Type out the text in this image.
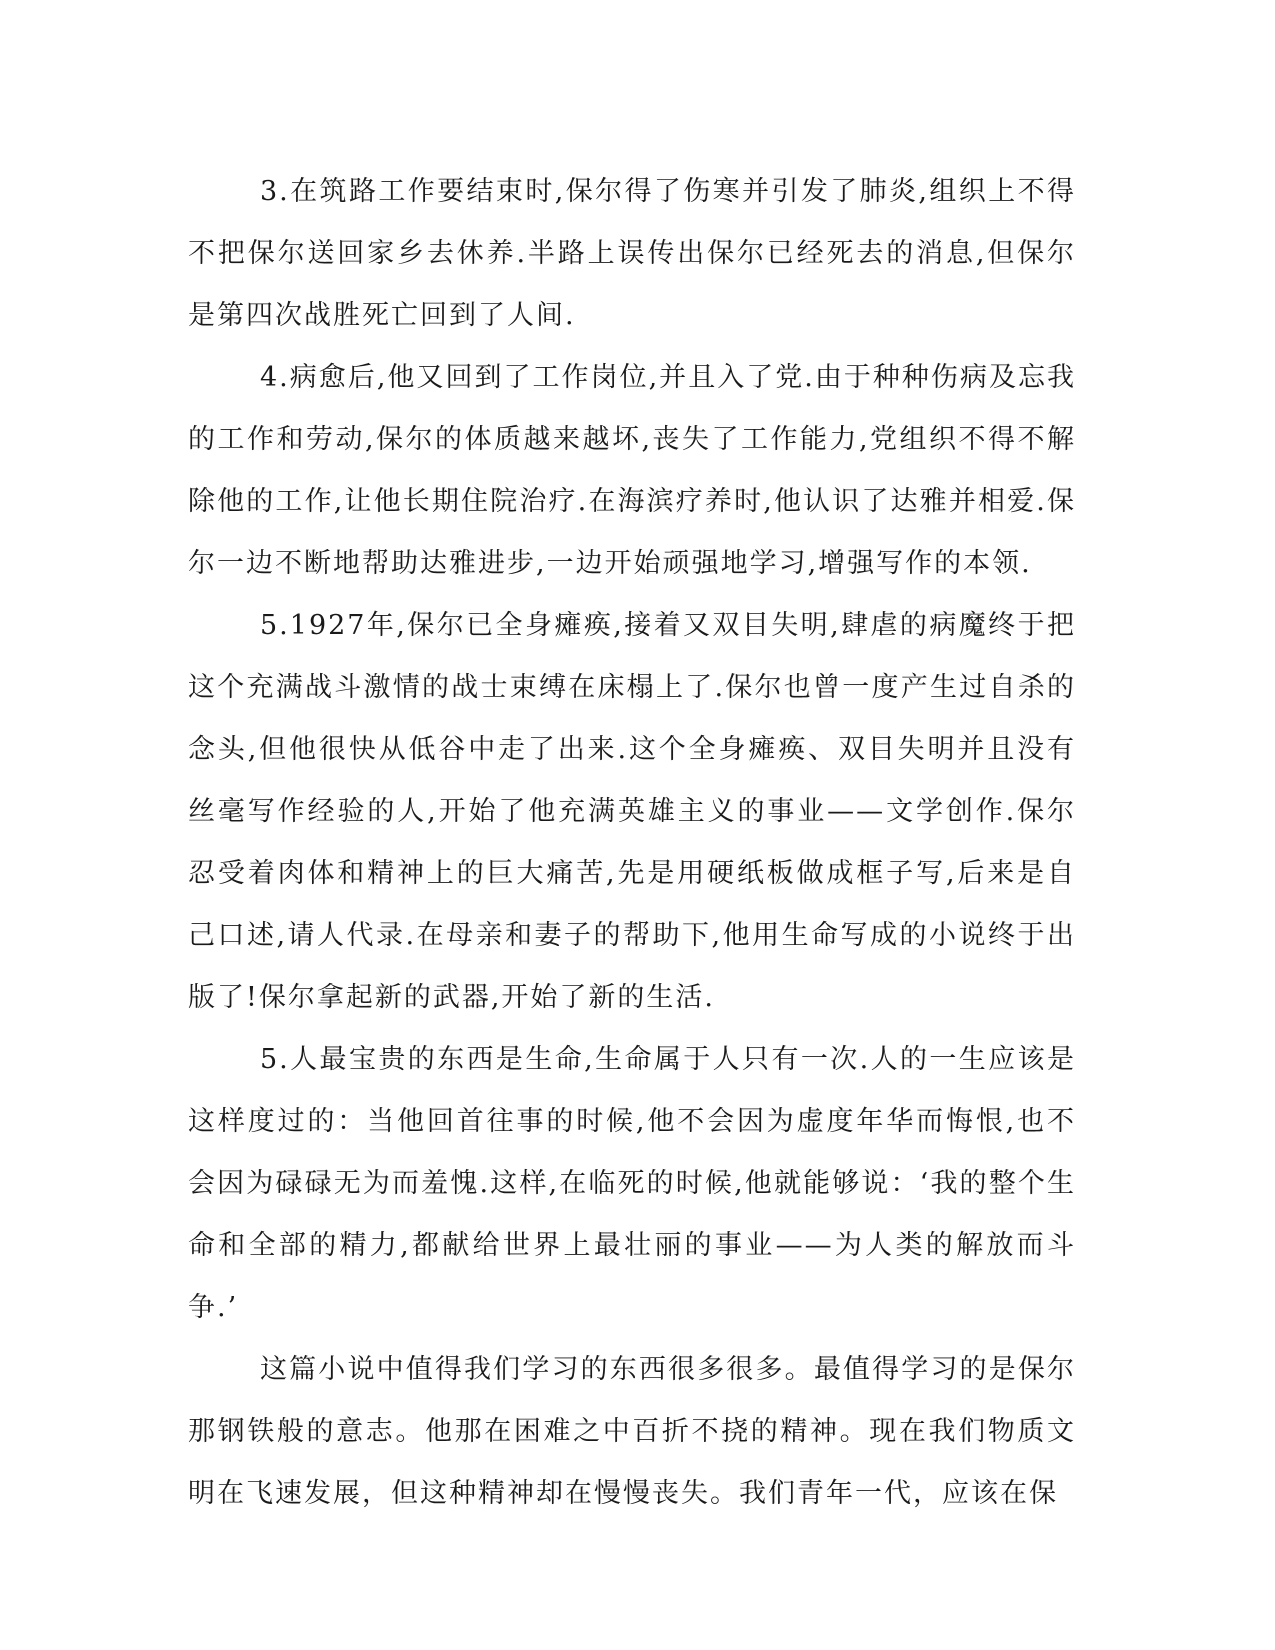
3.在筑路工作要结束时,保尔得了伤寒并引发了肺炎,组织上不得不把保尔送回家乡去休养.半路上误传出保尔已经死去的消息,但保尔是第四次战胜死亡回到了人间.

4.病愈后,他又回到了工作岗位,并且入了党.由于种种伤病及忘我的工作和劳动,保尔的体质越来越坏,丧失了工作能力,党组织不得不解除他的工作,让他长期住院治疗.在海滨疗养时,他认识了达雅并相爱.保尔一边不断地帮助达雅进步,一边开始顽强地学习,增强写作的本领.

5.1927年,保尔已全身瘫痪,接着又双目失明,肆虐的病魔终于把这个充满战斗激情的战士束缚在床榻上了.保尔也曾一度产生过自杀的念头,但他很快从低谷中走了出来.这个全身瘫痪、双目失明并且没有丝毫写作经验的人,开始了他充满英雄主义的事业——文学创作.保尔忍受着肉体和精神上的巨大痛苦,先是用硬纸板做成框子写,后来是自己口述,请人代录.在母亲和妻子的帮助下,他用生命写成的小说终于出版了!保尔拿起新的武器,开始了新的生活.

5.人最宝贵的东西是生命,生命属于人只有一次.人的一生应该是这样度过的：当他回首往事的时候,他不会因为虚度年华而悔恨,也不会因为碌碌无为而羞愧.这样,在临死的时候,他就能够说：‘我的整个生命和全部的精力,都献给世界上最壮丽的事业——为人类的解放而斗争.’

这篇小说中值得我们学习的东西很多很多。最值得学习的是保尔那钢铁般的意志。他那在困难之中百折不挠的精神。现在我们物质文明在飞速发展，但这种精神却在慢慢丧失。我们青年一代，应该在保
